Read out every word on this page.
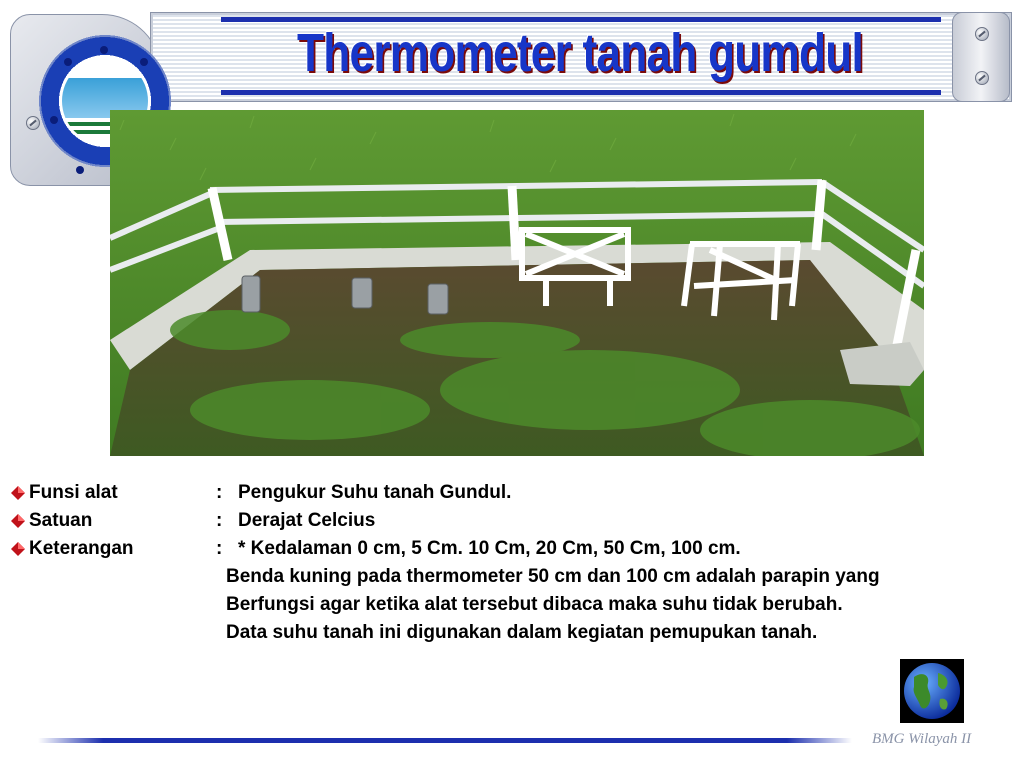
Thermometer tanah gumdul
Funsi alat	: Pengukur Suhu tanah Gundul.
Satuan	: Derajat Celcius
Keterangan	: * Kedalaman 0 cm, 5 Cm. 10 Cm, 20 Cm, 50 Cm, 100 cm.
Benda kuning pada thermometer 50 cm dan 100 cm adalah parapin yang
Berfungsi agar ketika alat tersebut dibaca maka suhu tidak berubah.
Data suhu tanah ini digunakan dalam kegiatan pemupukan tanah.
BMG Wilayah II
